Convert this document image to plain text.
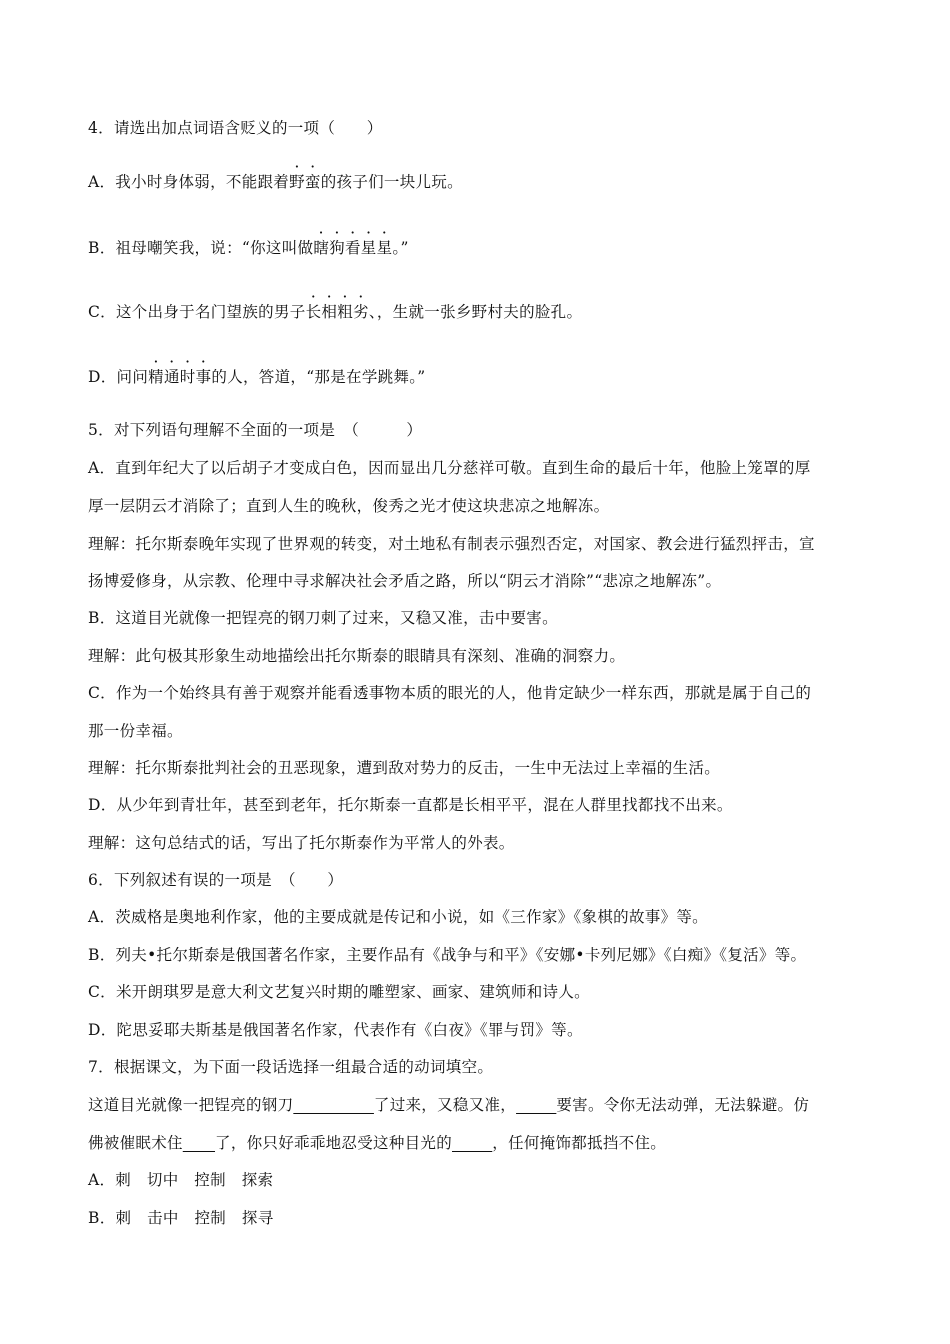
4．请选出加点词语含贬义的一项（　　）
A．我小时身体弱，不能跟着野蛮的孩子们一块儿玩。
B．祖母嘲笑我，说：“你这叫做瞎狗看星星。”
C．这个出身于名门望族的男子长相粗劣、，生就一张乡野村夫的脸孔。
D．问问精通时事的人，答道，“那是在学跳舞。”
5．对下列语句理解不全面的一项是　（　　　）
A．直到年纪大了以后胡子才变成白色，因而显出几分慈祥可敬。直到生命的最后十年，他脸上笼罩的厚
厚一层阴云才消除了；直到人生的晚秋，俊秀之光才使这块悲凉之地解冻。
理解：托尔斯泰晚年实现了世界观的转变，对土地私有制表示强烈否定，对国家、教会进行猛烈抨击，宣
扬博爱修身，从宗教、伦理中寻求解决社会矛盾之路，所以“阴云才消除”“悲凉之地解冻”。
B．这道目光就像一把锃亮的钢刀刺了过来，又稳又准，击中要害。
理解：此句极其形象生动地描绘出托尔斯泰的眼睛具有深刻、准确的洞察力。
C．作为一个始终具有善于观察并能看透事物本质的眼光的人，他肯定缺少一样东西，那就是属于自己的
那一份幸福。
理解：托尔斯泰批判社会的丑恶现象，遭到敌对势力的反击，一生中无法过上幸福的生活。
D．从少年到青壮年，甚至到老年，托尔斯泰一直都是长相平平，混在人群里找都找不出来。
理解：这句总结式的话，写出了托尔斯泰作为平常人的外表。
6．下列叙述有误的一项是　（　　）
A．茨威格是奥地利作家，他的主要成就是传记和小说，如《三作家》《象棋的故事》等。
B．列夫•托尔斯泰是俄国著名作家，主要作品有《战争与和平》《安娜•卡列尼娜》《白痴》《复活》等。
C．米开朗琪罗是意大利文艺复兴时期的雕塑家、画家、建筑师和诗人。
D．陀思妥耶夫斯基是俄国著名作家，代表作有《白夜》《罪与罚》等。
7．根据课文，为下面一段话选择一组最合适的动词填空。
这道目光就像一把锃亮的钢刀__________了过来，又稳又准，_____要害。令你无法动弹，无法躲避。仿
佛被催眠术住____了，你只好乖乖地忍受这种目光的_____，任何掩饰都抵挡不住。
A．刺　切中　控制　探索
B．刺　击中　控制　探寻
